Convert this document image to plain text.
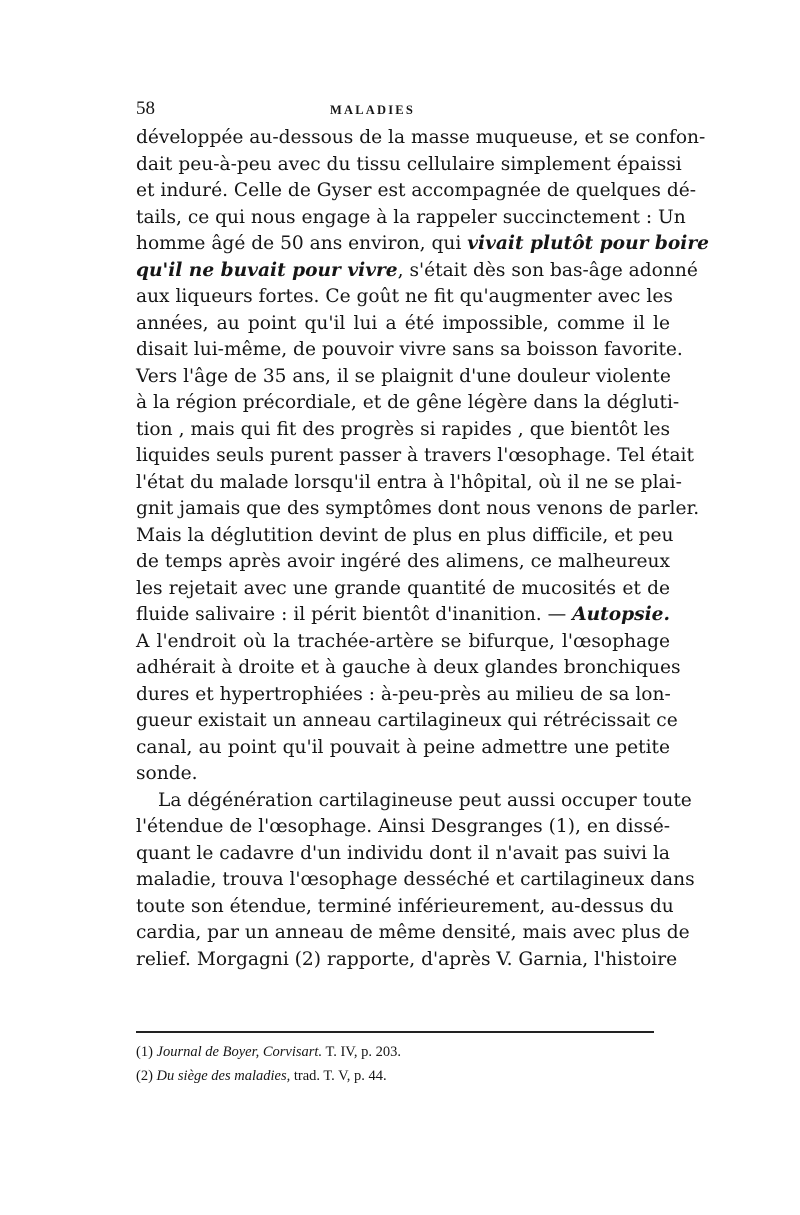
58	MALADIES
développée au-dessous de la masse muqueuse, et se confon-
dait peu-à-peu avec du tissu cellulaire simplement épaissi
et induré. Celle de Gyser est accompagnée de quelques dé-
tails, ce qui nous engage à la rappeler succinctement : Un
homme âgé de 50 ans environ, qui vivait plutôt pour boire
qu'il ne buvait pour vivre, s'était dès son bas-âge adonné
aux liqueurs fortes. Ce goût ne fit qu'augmenter avec les
années, au point qu'il lui a été impossible, comme il le
disait lui-même, de pouvoir vivre sans sa boisson favorite.
Vers l'âge de 35 ans, il se plaignit d'une douleur violente
à la région précordiale, et de gêne légère dans la dégluti-
tion , mais qui fit des progrès si rapides , que bientôt les
liquides seuls purent passer à travers l'œsophage. Tel était
l'état du malade lorsqu'il entra à l'hôpital, où il ne se plai-
gnit jamais que des symptômes dont nous venons de parler.
Mais la déglutition devint de plus en plus difficile, et peu
de temps après avoir ingéré des alimens, ce malheureux
les rejetait avec une grande quantité de mucosités et de
fluide salivaire : il périt bientôt d'inanition. — Autopsie.
A l'endroit où la trachée-artère se bifurque, l'œsophage
adhérait à droite et à gauche à deux glandes bronchiques
dures et hypertrophiées : à-peu-près au milieu de sa lon-
gueur existait un anneau cartilagineux qui rétrécissait ce
canal, au point qu'il pouvait à peine admettre une petite
sonde.
La dégénération cartilagineuse peut aussi occuper toute
l'étendue de l'œsophage. Ainsi Desgranges (1), en dissé-
quant le cadavre d'un individu dont il n'avait pas suivi la
maladie, trouva l'œsophage desséché et cartilagineux dans
toute son étendue, terminé inférieurement, au-dessus du
cardia, par un anneau de même densité, mais avec plus de
relief. Morgagni (2) rapporte, d'après V. Garnia, l'histoire
(1) Journal de Boyer, Corvisart. T. IV, p. 203.
(2) Du siège des maladies, trad. T. V, p. 44.
